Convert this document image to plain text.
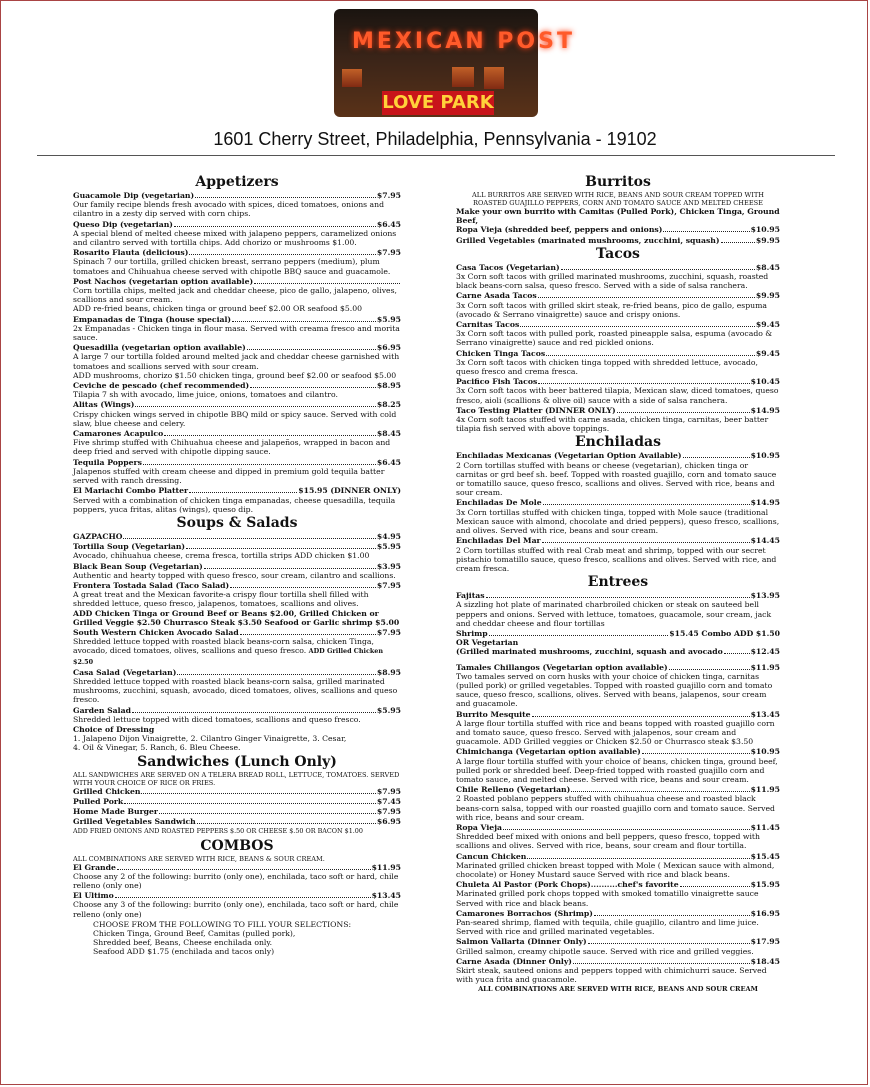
MEXICAN POST
LOVE PARK
1601 Cherry Street, Philadelphia, Pennsylvania - 19102
Appetizers
Guacamole Dip (vegetarian)	$7.95
Our family recipe blends fresh avocado with spices, diced tomatoes, onions and cilantro in a zesty dip served with corn chips.
Queso Dip (vegetarian)	$6.45
A special blend of melted cheese mixed with jalapeno peppers, caramelized onions and cilantro served with tortilla chips. Add chorizo or mushrooms $1.00.
Rosarito Flauta (delicious)	$7.95
Spinach 7 our tortilla, grilled chicken breast, serrano peppers (medium), plum tomatoes and Chihuahua cheese served with chipotle BBQ sauce and guacamole.
Post Nachos (vegetarian option available)
Corn tortilla chips, melted jack and cheddar cheese, pico de gallo, jalapeno, olives, scallions and sour cream.
ADD re-fried beans, chicken tinga or ground beef $2.00 OR seafood $5.00
Empanadas de Tinga (house special)	$5.95
2x Empanadas - Chicken tinga in flour masa. Served with creama fresco and morita sauce.
Quesadilla (vegetarian option available)	$6.95
A large 7 our tortilla folded around melted jack and cheddar cheese garnished with tomatoes and scallions served with sour cream.
ADD mushrooms, chorizo $1.50 chicken tinga, ground beef $2.00 or seafood $5.00
Ceviche de pescado (chef recommended)	$8.95
Tilapia 7 sh with avocado, lime juice, onions, tomatoes and cilantro.
Alitas (Wings)	$8.25
Crispy chicken wings served in chipotle BBQ mild or spicy sauce. Served with cold slaw, blue cheese and celery.
Camarones Acapulco	$8.45
Five shrimp stuffed with Chihuahua cheese and jalapeños, wrapped in bacon and deep fried and served with chipotle dipping sauce.
Tequila Poppers	$6.45
Jalapenos stuffed with cream cheese and dipped in premium gold tequila batter served with ranch dressing.
El Mariachi Combo Platter	$15.95 (DINNER ONLY)
Served with a combination of chicken tinga empanadas, cheese quesadilla, tequila poppers, yuca fritas, alitas (wings), queso dip.
Soups & Salads
GAZPACHO	$4.95
Tortilla Soup (Vegetarian)	$5.95
Avocado, chihuahua cheese, crema fresca, tortilla strips ADD chicken $1.00
Black Bean Soup (Vegetarian)	$3.95
Authentic and hearty topped with queso fresco, sour cream, cilantro and scallions.
Frontera Tostada Salad (Taco Salad)	$7.95
A great treat and the Mexican favorite-a crispy flour tortilla shell filled with shredded lettuce, queso fresco, jalapenos, tomatoes, scallions and olives.
ADD Chicken Tinga or Ground Beef or Beans $2.00, Grilled Chicken or Grilled Veggie $2.50 Churrasco Steak $3.50 Seafood or Garlic shrimp $5.00
South Western Chicken Avocado Salad	$7.95
Shredded lettuce topped with roasted black beans-corn salsa, chicken Tinga, avocado, diced tomatoes, olives, scallions and queso fresco. ADD Grilled Chicken $2.50
Casa Salad (Vegetarian)	$8.95
Shredded lettuce topped with roasted black beans-corn salsa, grilled marinated mushrooms, zucchini, squash, avocado, diced tomatoes, olives, scallions and queso fresco.
Garden Salad	$5.95
Shredded lettuce topped with diced tomatoes, scallions and queso fresco.
Choice of Dressing
1. Jalapeno Dijon Vinaigrette, 2. Cilantro Ginger Vinaigrette, 3. Cesar,
4. Oil & Vinegar, 5. Ranch, 6. Bleu Cheese.
Sandwiches (Lunch Only)
ALL SANDWICHES ARE SERVED ON A TELERA BREAD ROLL, LETTUCE, TOMATOES. SERVED WITH YOUR CHOICE OF RICE OR FRIES.
Grilled Chicken	$7.95
Pulled Pork	$7.45
Home Made Burger	$7.95
Grilled Vegetables Sandwich	$6.95
ADD FRIED ONIONS AND ROASTED PEPPERS $.50 OR CHEESE $.50 OR BACON $1.00
COMBOS
ALL COMBINATIONS ARE SERVED WITH RICE, BEANS & SOUR CREAM.
El Grande	$11.95
Choose any 2 of the following: burrito (only one), enchilada, taco soft or hard, chile relleno (only one)
El Ultimo	$13.45
Choose any 3 of the following: burrito (only one), enchilada, taco soft or hard, chile relleno (only one)
CHOOSE FROM THE FOLLOWING TO FILL YOUR SELECTIONS:
Chicken Tinga, Ground Beef, Camitas (pulled pork),
Shredded beef, Beans, Cheese enchilada only.
Seafood ADD $1.75 (enchilada and tacos only)
Burritos
ALL BURRITOS ARE SERVED WITH RICE, BEANS AND SOUR CREAM TOPPED WITH ROASTED GUAJILLO PEPPERS, CORN AND TOMATO SAUCE AND MELTED CHEESE
Make your own burrito with Camitas (Pulled Pork), Chicken Tinga, Ground Beef,
Ropa Vieja (shredded beef, peppers and onions)	$10.95
Grilled Vegetables (marinated mushrooms, zucchini, squash)	$9.95
Tacos
Casa Tacos (Vegetarian)	$8.45
3x Corn soft tacos with grilled marinated mushrooms, zucchini, squash, roasted black beans-corn salsa, queso fresco. Served with a side of salsa ranchera.
Carne Asada Tacos	$9.95
3x Corn soft tacos with grilled skirt steak, re-fried beans, pico de gallo, espuma (avocado & Serrano vinaigrette) sauce and crispy onions.
Carnitas Tacos	$9.45
3x Corn soft tacos with pulled pork, roasted pineapple salsa, espuma (avocado & Serrano vinaigrette) sauce and red pickled onions.
Chicken Tinga Tacos	$9.45
3x Corn soft tacos with chicken tinga topped with shredded lettuce, avocado, queso fresco and crema fresca.
Pacifico Fish Tacos	$10.45
3x Corn soft tacos with beer battered tilapia, Mexican slaw, diced tomatoes, queso fresco, aioli (scallions & olive oil) sauce with a side of salsa ranchera.
Taco Testing Platter (DINNER ONLY)	$14.95
4x Corn soft tacos stuffed with carne asada, chicken tinga, carnitas, beer batter tilapia fish served with above toppings.
Enchiladas
Enchiladas Mexicanas (Vegetarian Option Available)	$10.95
2 Corn tortillas stuffed with beans or cheese (vegetarian), chicken tinga or carnitas or grd beef sh. beef. Topped with roasted guajillo, corn and tomato sauce or tomatillo sauce, queso fresco, scallions and olives. Served with rice, beans and sour cream.
Enchiladas De Mole	$14.95
3x Corn tortillas stuffed with chicken tinga, topped with Mole sauce (traditional Mexican sauce with almond, chocolate and dried peppers), queso fresco, scallions, and olives. Served with rice, beans and sour cream.
Enchiladas Del Mar	$14.45
2 Corn tortillas stuffed with real Crab meat and shrimp, topped with our secret pistachio tomatillo sauce, queso fresco, scallions and olives. Served with rice, and cream fresca.
Entrees
Fajitas	$13.95
A sizzling hot plate of marinated charbroiled chicken or steak on sauteed bell peppers and onions. Served with lettuce, tomatoes, guacamole, sour cream, jack and cheddar cheese and flour tortillas
Shrimp	$15.45 Combo ADD $1.50
OR Vegetarian
(Grilled marinated mushrooms, zucchini, squash and avocado	$12.45
Tamales Chillangos (Vegetarian option available)	$11.95
Two tamales served on corn husks with your choice of chicken tinga, carnitas (pulled pork) or grilled vegetables. Topped with roasted guajillo corn and tomato sauce, queso fresco, scallions, olives. Served with beans, jalapenos, sour cream and guacamole.
Burrito Mesquite	$13.45
A large flour tortilla stuffed with rice and beans topped with roasted guajillo corn and tomato sauce, queso fresco. Served with jalapenos, sour cream and guacamole. ADD Grilled veggies or Chicken $2.50 or Churrasco steak $3.50
Chimichanga (Vegetarian option available)	$10.95
A large flour tortilla stuffed with your choice of beans, chicken tinga, ground beef, pulled pork or shredded beef. Deep-fried topped with roasted guajillo corn and tomato sauce, and melted cheese. Served with rice, beans and sour cream.
Chile Relleno (Vegetarian)	$11.95
2 Roasted poblano peppers stuffed with chihuahua cheese and roasted black beans-corn salsa, topped with our roasted guajillo corn and tomato sauce. Served with rice, beans and sour cream.
Ropa Vieja	$11.45
Shredded beef mixed with onions and bell peppers, queso fresco, topped with scallions and olives. Served with rice, beans, sour cream and flour tortilla.
Cancun Chicken	$15.45
Marinated grilled chicken breast topped with Mole ( Mexican sauce with almond, chocolate) or Honey Mustard sauce Served with rice and black beans.
Chuleta Al Pastor (Pork Chops)..........chef's favorite	$15.95
Marinated grilled pork chops topped with smoked tomatillo vinaigrette sauce Served with rice and black beans.
Camarones Borrachos (Shrimp)	$16.95
Pan-seared shrimp, flamed with tequila, chile guajillo, cilantro and lime juice. Served with rice and grilled marinated vegetables.
Salmon Vallarta (Dinner Only)	$17.95
Grilled salmon, creamy chipotle sauce. Served with rice and grilled veggies.
Carne Asada (Dinner Only)	$18.45
Skirt steak, sauteed onions and peppers topped with chimichurri sauce. Served with yuca frita and guacamole.
ALL COMBINATIONS ARE SERVED WITH RICE, BEANS AND SOUR CREAM
